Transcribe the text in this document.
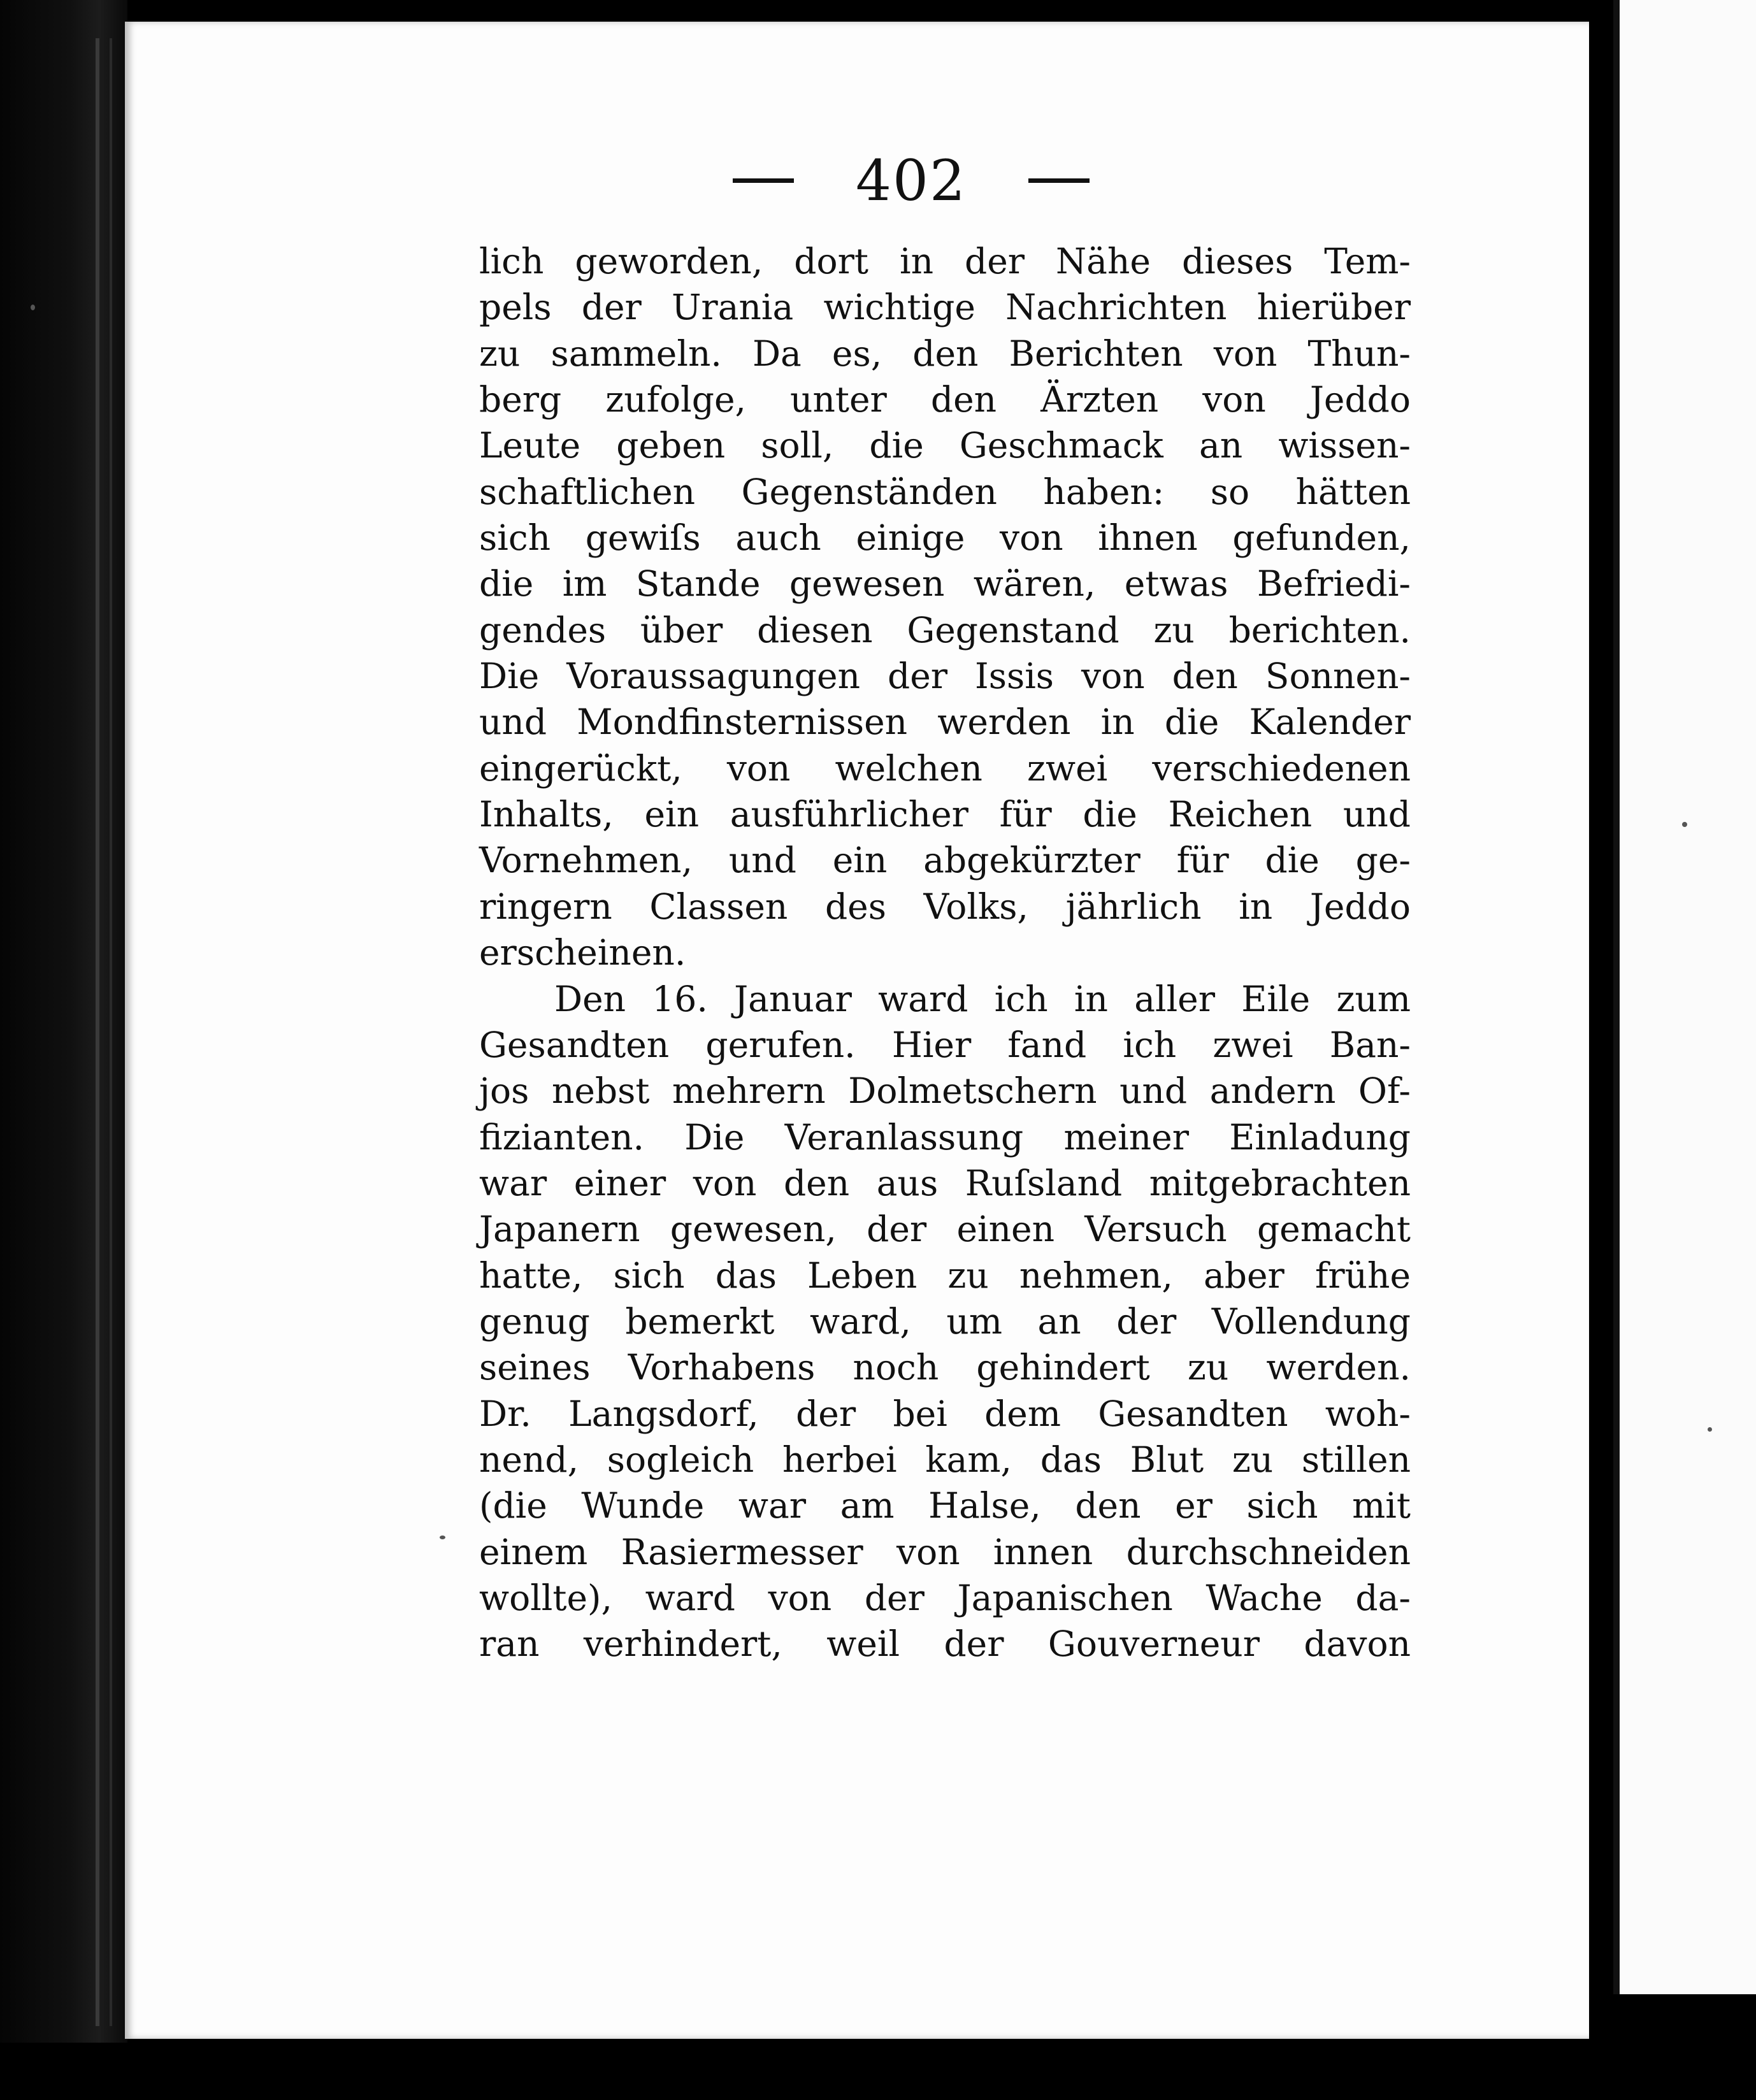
402
lich geworden, dort in der Nähe dieses Tem-
pels der Urania wichtige Nachrichten hierüber
zu sammeln. Da es, den Berichten von Thun-
berg zufolge, unter den Ärzten von Jeddo
Leute geben soll, die Geschmack an wissen-
schaftlichen Gegenständen haben: so hätten
sich gewiſs auch einige von ihnen gefunden,
die im Stande gewesen wären, etwas Befriedi-
gendes über diesen Gegenstand zu berichten.
Die Voraussagungen der Issis von den Sonnen-
und Mondfinsternissen werden in die Kalender
eingerückt, von welchen zwei verschiedenen
Inhalts, ein ausführlicher für die Reichen und
Vornehmen, und ein abgekürzter für die ge-
ringern Classen des Volks, jährlich in Jeddo
erscheinen.
Den 16. Januar ward ich in aller Eile zum
Gesandten gerufen. Hier fand ich zwei Ban-
jos nebst mehrern Dolmetschern und andern Of-
fizianten. Die Veranlassung meiner Einladung
war einer von den aus Ruſsland mitgebrachten
Japanern gewesen, der einen Versuch gemacht
hatte, sich das Leben zu nehmen, aber frühe
genug bemerkt ward, um an der Vollendung
seines Vorhabens noch gehindert zu werden.
Dr. Langsdorf, der bei dem Gesandten woh-
nend, sogleich herbei kam, das Blut zu stillen
(die Wunde war am Halse, den er sich mit
einem Rasiermesser von innen durchschneiden
wollte), ward von der Japanischen Wache da-
ran verhindert, weil der Gouverneur davon
